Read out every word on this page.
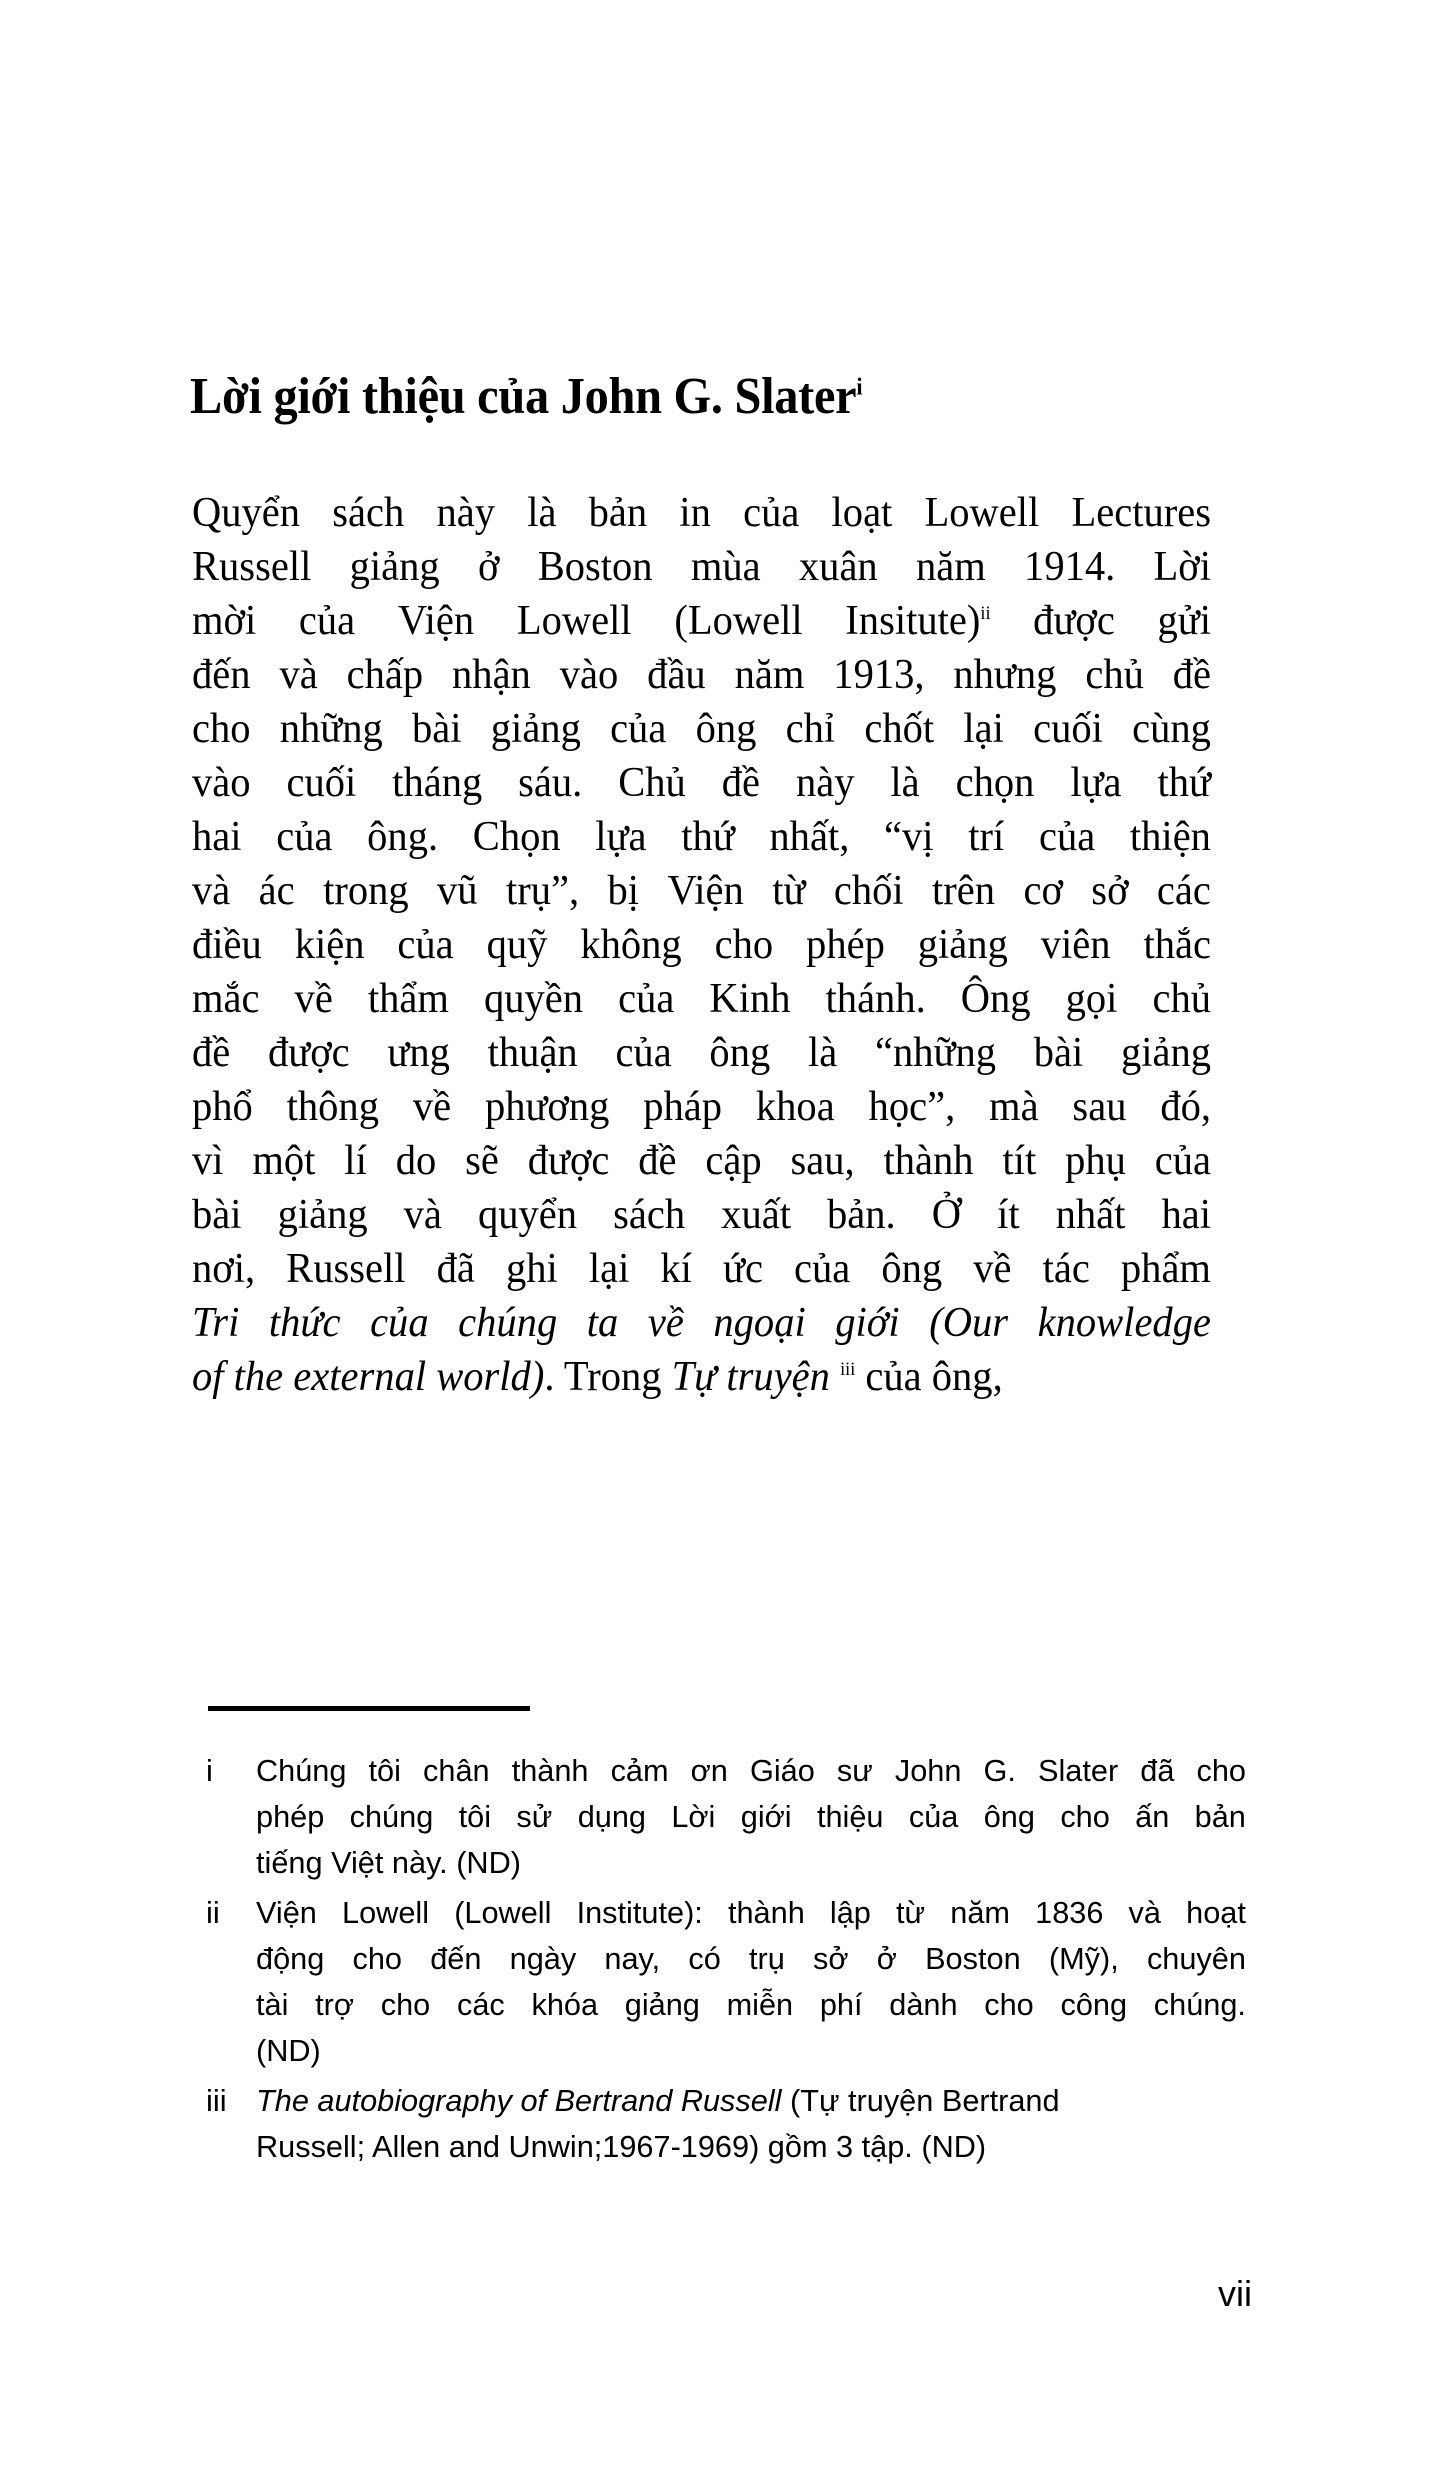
Lời giới thiệu của John G. Slater$^i$
Quyển sách này là bản in của loạt Lowell Lectures
Russell giảng ở Boston mùa xuân năm 1914. Lời
mời của Viện Lowell (Lowell Insitute)$^{ii}$ được gửi
đến và chấp nhận vào đầu năm 1913, nhưng chủ đề
cho những bài giảng của ông chỉ chốt lại cuối cùng
vào cuối tháng sáu. Chủ đề này là chọn lựa thứ
hai của ông. Chọn lựa thứ nhất, “vị trí của thiện
và ác trong vũ trụ”, bị Viện từ chối trên cơ sở các
điều kiện của quỹ không cho phép giảng viên thắc
mắc về thẩm quyền của Kinh thánh. Ông gọi chủ
đề được ưng thuận của ông là “những bài giảng
phổ thông về phương pháp khoa học”, mà sau đó,
vì một lí do sẽ được đề cập sau, thành tít phụ của
bài giảng và quyển sách xuất bản. Ở ít nhất hai
nơi, Russell đã ghi lại kí ức của ông về tác phẩm
Tri thức của chúng ta về ngoại giới (Our knowledge
of the external world). Trong Tự truyện $^{iii}$ của ông,
i	Chúng tôi chân thành cảm ơn Giáo sư John G. Slater đã cho
phép chúng tôi sử dụng Lời giới thiệu của ông cho ấn bản
tiếng Việt này. (ND)
ii	Viện Lowell (Lowell Institute): thành lập từ năm 1836 và hoạt
động cho đến ngày nay, có trụ sở ở Boston (Mỹ), chuyên
tài trợ cho các khóa giảng miễn phí dành cho công chúng.
(ND)
iii The autobiography of Bertrand Russell (Tự truyện Bertrand
Russell; Allen and Unwin;1967-1969) gồm 3 tập. (ND)
vii
